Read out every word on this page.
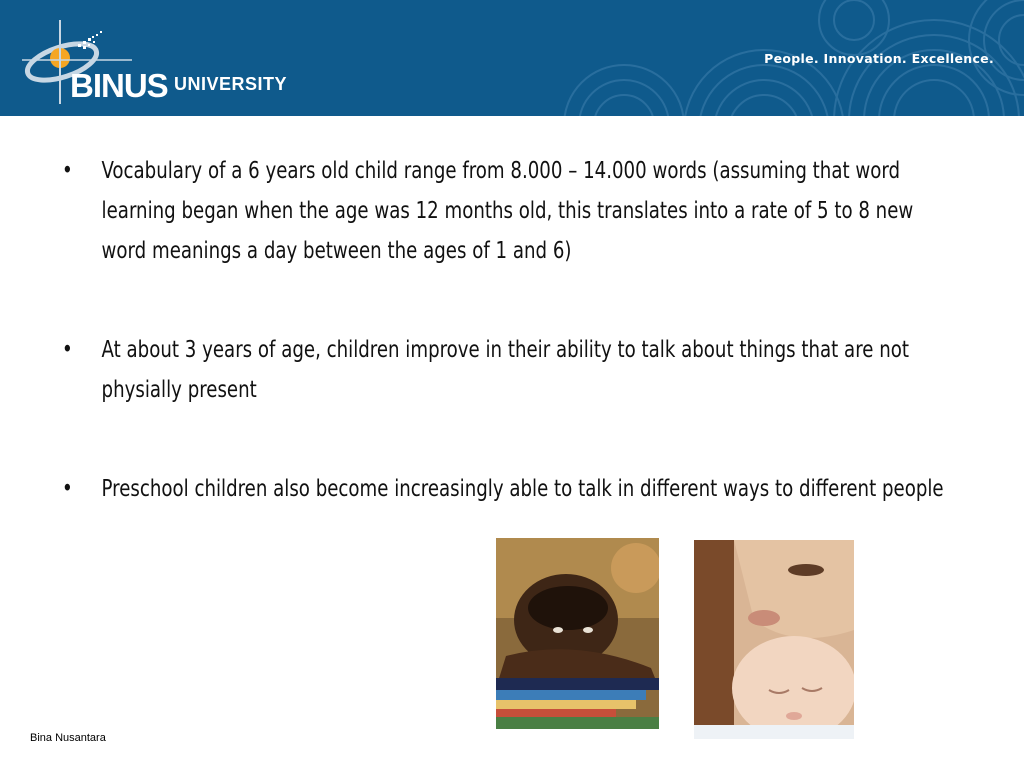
BINUS UNIVERSITY
People. Innovation. Excellence.
• Vocabulary of a 6 years old child range from 8.000 – 14.000 words (assuming that word learning began when the age was 12 months old, this translates into a rate of 5 to 8 new word meanings a day between the ages of 1 and 6)
• At about 3 years of age, children improve in their ability to talk about things that are not physially present
• Preschool children also become increasingly able to talk in different ways to different people
Bina Nusantara
